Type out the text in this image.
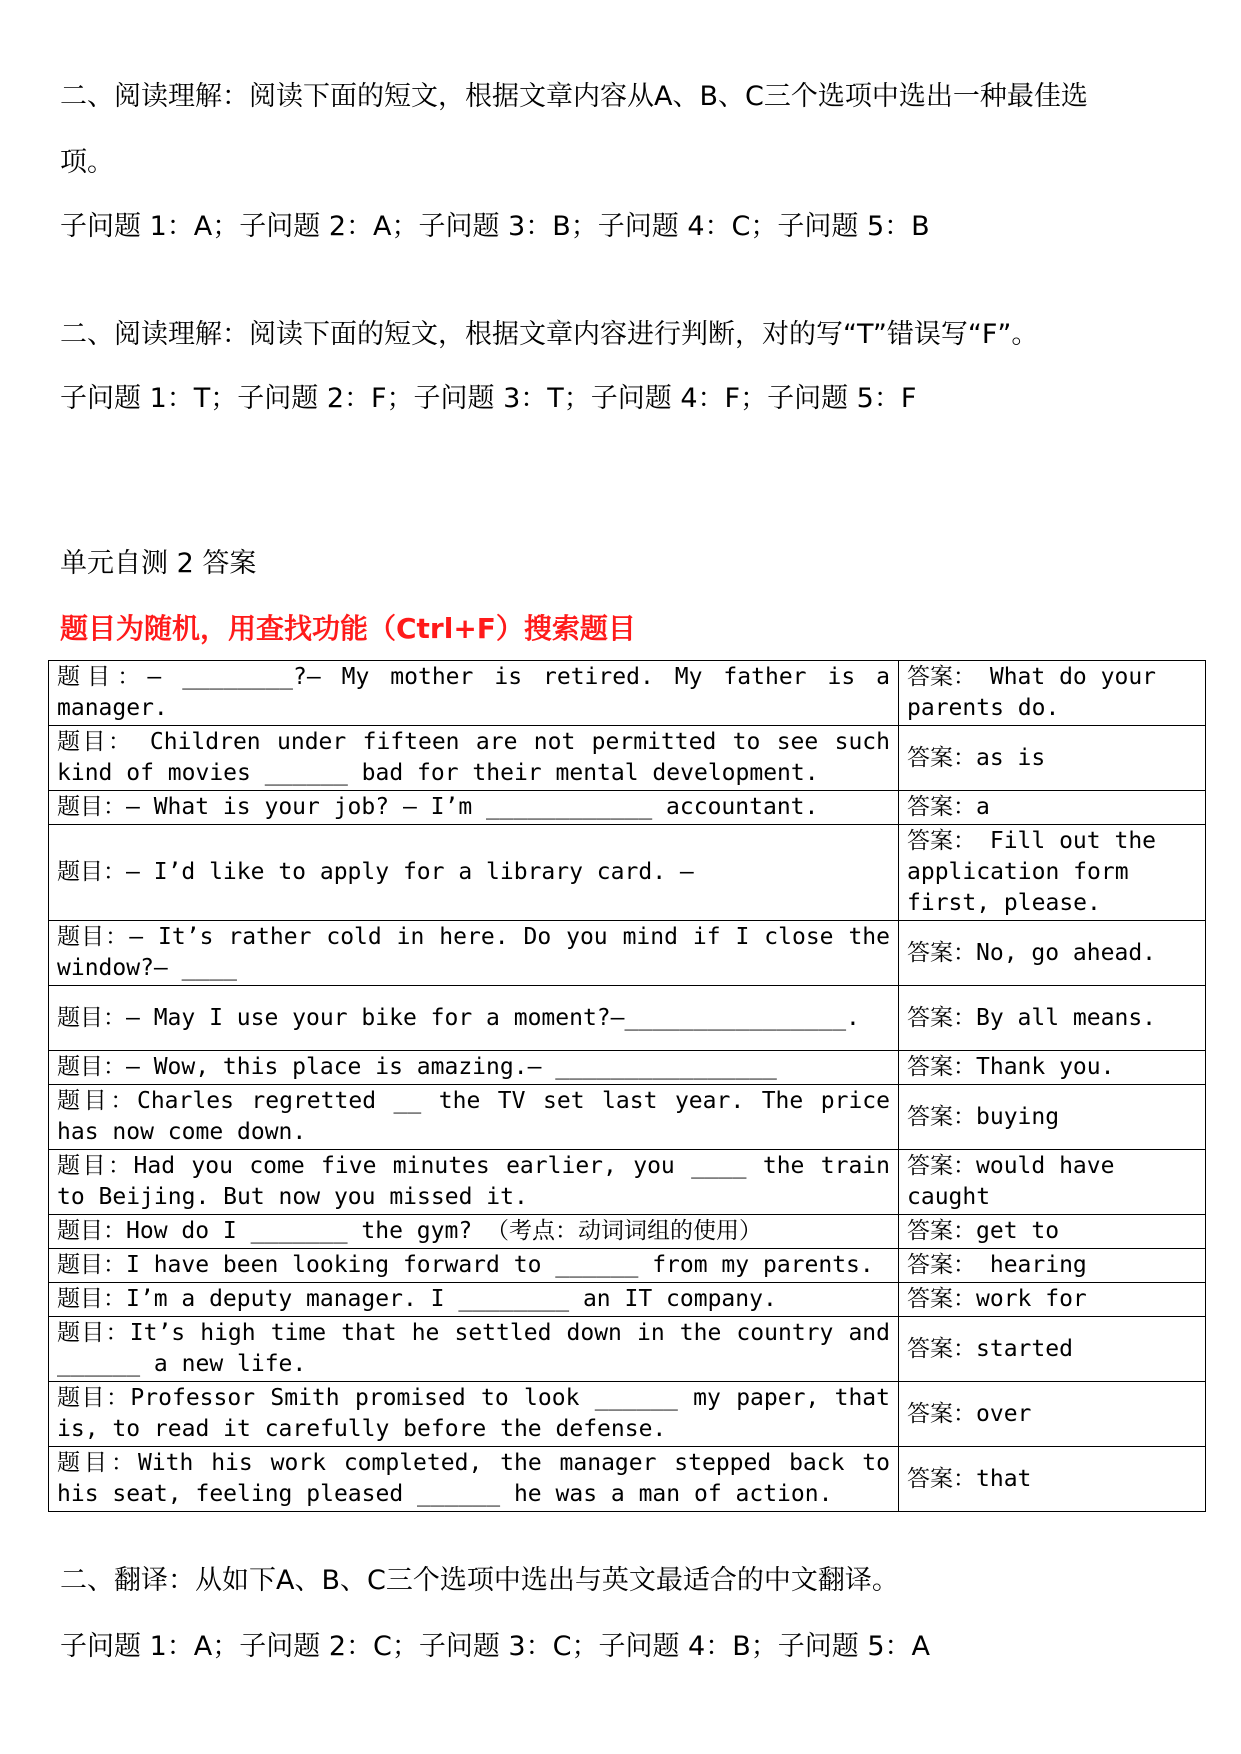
二、阅读理解：阅读下面的短文，根据文章内容从A、B、C三个选项中选出一种最佳选
项。
子问题 1：A；子问题 2：A；子问题 3：B；子问题 4：C；子问题 5：B
二、阅读理解：阅读下面的短文，根据文章内容进行判断，对的写“T”错误写“F”。
子问题 1：T；子问题 2：F；子问题 3：T；子问题 4：F；子问题 5：F
单元自测 2 答案
题目为随机，用查找功能（Ctrl+F）搜索题目
题目：— ________?— My mother is retired. My father is a manager.	答案： What do your parents do.
题目： Children under fifteen are not permitted to see such kind of movies ______ bad for their mental development.	答案：as is
题目：— What is your job? — I’m ____________ accountant.	答案：a
题目：— I’d like to apply for a library card. —	答案： Fill out the application form first, please.
题目：— It’s rather cold in here. Do you mind if I close the window?— ____	答案：No, go ahead.
题目：— May I use your bike for a moment?—________________.	答案：By all means.
题目：— Wow, this place is amazing.— ________________	答案：Thank you.
题目：Charles regretted __ the TV set last year. The price has now come down.	答案：buying
题目：Had you come five minutes earlier, you ____ the train to Beijing. But now you missed it.	答案：would have caught
题目：How do I _______ the gym? （考点：动词词组的使用）	答案：get to
题目：I have been looking forward to ______ from my parents.	答案： hearing
题目：I’m a deputy manager. I ________ an IT company.	答案：work for
题目：It’s high time that he settled down in the country and ______ a new life.	答案：started
题目：Professor Smith promised to look ______ my paper, that is, to read it carefully before the defense.	答案：over
题目：With his work completed, the manager stepped back to his seat, feeling pleased ______ he was a man of action.	答案：that
二、翻译：从如下A、B、C三个选项中选出与英文最适合的中文翻译。
子问题 1：A；子问题 2：C；子问题 3：C；子问题 4：B；子问题 5：A
